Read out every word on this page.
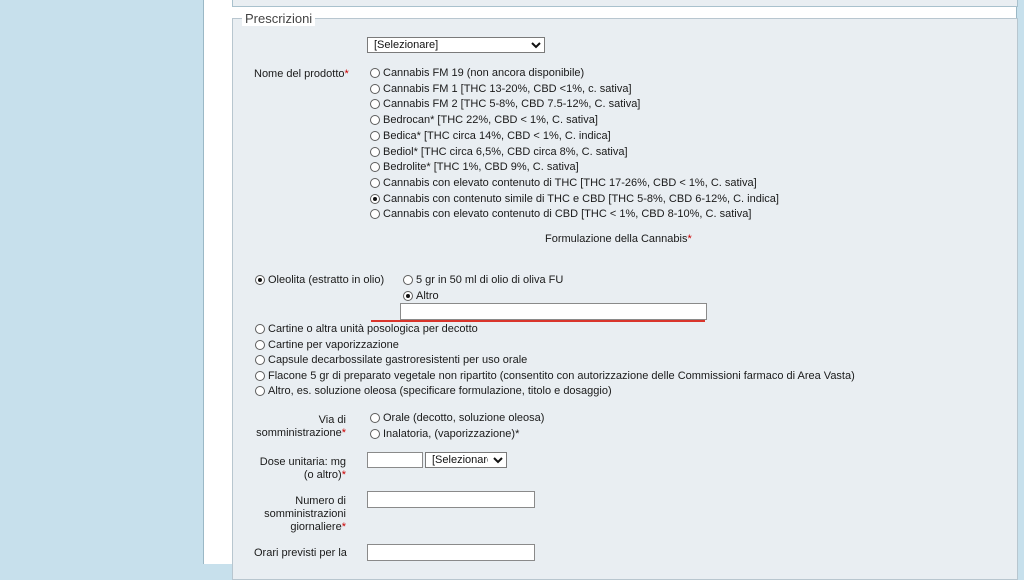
Prescrizioni
[Selezionare]
Nome del prodotto*	Cannabis FM 19 (non ancora disponibile)
Cannabis FM 1 [THC 13-20%, CBD <1%, c. sativa]
Cannabis FM 2 [THC 5-8%, CBD 7.5-12%, C. sativa]
Bedrocan* [THC 22%, CBD < 1%, C. sativa]
Bedica* [THC circa 14%, CBD < 1%, C. indica]
Bediol* [THC circa 6,5%, CBD circa 8%, C. sativa]
Bedrolite* [THC 1%, CBD 9%, C. sativa]
Cannabis con elevato contenuto di THC [THC 17-26%, CBD < 1%, C. sativa]
Cannabis con contenuto simile di THC e CBD [THC 5-8%, CBD 6-12%, C. indica]
Cannabis con elevato contenuto di CBD [THC < 1%, CBD 8-10%, C. sativa]
Formulazione della Cannabis*
Oleolita (estratto in olio)	5 gr in 50 ml di olio di oliva FU
Altro
Cartine o altra unità posologica per decotto
Cartine per vaporizzazione
Capsule decarbossilate gastroresistenti per uso orale
Flacone 5 gr di preparato vegetale non ripartito (consentito con autorizzazione delle Commissioni farmaco di Area Vasta)
Altro, es. soluzione oleosa (specificare formulazione, titolo e dosaggio)
Via di
somministrazione*
Orale (decotto, soluzione oleosa)
Inalatoria, (vaporizzazione)*
Dose unitaria: mg
(o altro)*
[Selezionare]
Numero di
somministrazioni
giornaliere*
Orari previsti per la
